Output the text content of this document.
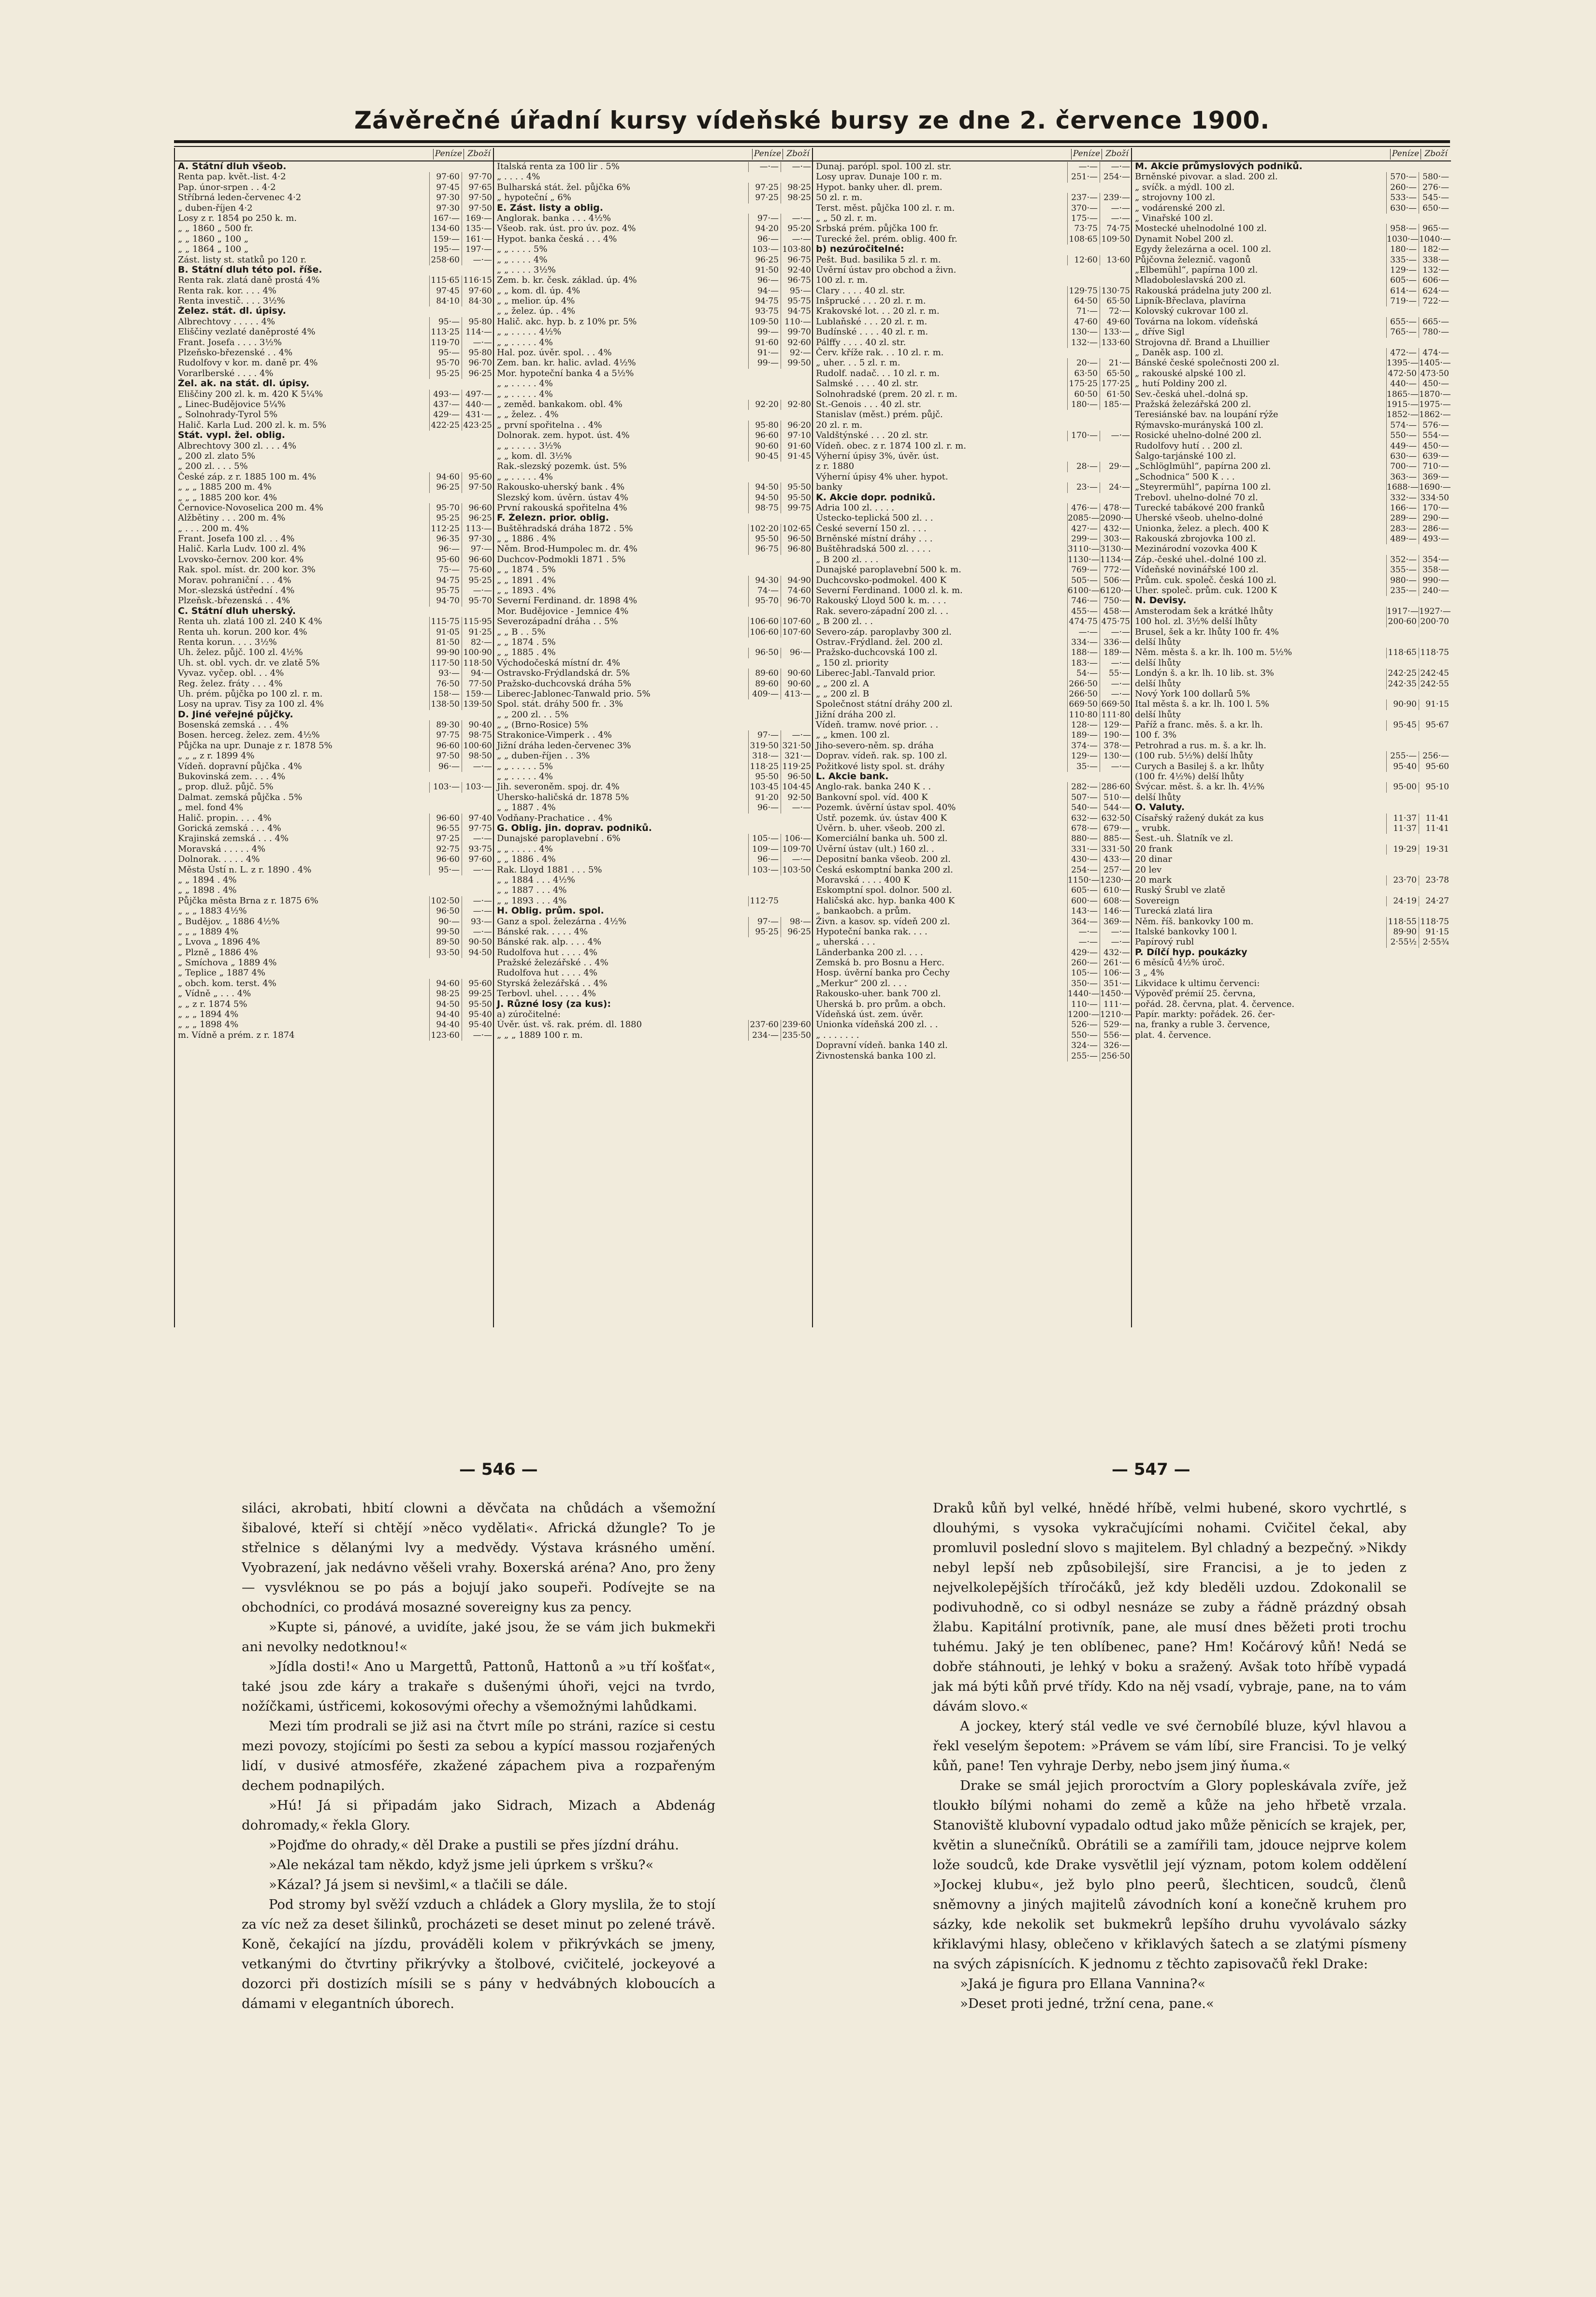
Závěrečné úřadní kursy vídeňské bursy ze dne 2. července 1900.
Peníze Zboží
A. Státní dluh všeob.
Renta pap. květ.-list. 4·2	97·60	97·70
Pap. únor-srpen . . 4·2	97·45	97·65
Stříbrná leden-červenec 4·2	97·30	97·50
„ duben-říjen 4·2	97·30	97·50
Losy z r. 1854 po 250 k. m.	167·— 169·—
„ „ 1860 „ 500 fr.	134·60 135·—
„ „ 1860 „ 100 „	159·— 161·—
„ „ 1864 „ 100 „	195·— 197·—
Zást. listy st. statků po 120 r.	258·60	—·—
B. Státní dluh této pol. říše.
Renta rak. zlatá daně prostá 4%	115·65 116·15
Renta rak. kor. . . . 4%	97·45	97·60
Renta investič. . . . 3½%	84·10	84·30
Želez. stát. dl. úpisy.
Albrechtovy . . . . . 4%	95·—	95·80
Eliščiny vezlaté daněprosté 4%	113·25 114·—
Frant. Josefa . . . . 3½%	119·70	—·—
Plzeňsko-březenské . . 4%	95·—	95·80
Rudolfovy v kor. m. daně pr. 4%	95·70	96·70
Vorarlberské . . . . 4%	95·25	96·25
Žel. ak. na stát. dl. úpisy.
Eliščiny 200 zl. k. m. 420 K 5¼%	493·— 497·—
„ Linec-Budějovice 5¼%	437·— 440·—
„ Solnohrady-Tyrol 5%	429·— 431·—
Halič. Karla Lud. 200 zl. k. m. 5%	422·25 423·25
Stát. vypl. žel. oblig.
Albrechtovy 300 zl. . . . 4%
„ 200 zl. zlato 5%
„ 200 zl. . . . 5%
České záp. z r. 1885 100 m. 4%	94·60	95·60
„ „ „ 1885 200 m. 4%	96·25	97·50
„ „ „ 1885 200 kor. 4%
Černovice-Novoselica 200 m. 4%	95·70	96·60
Alžbětiny . . . 200 m. 4%	95·25	96·25
„ . . . 200 m. 4%	112·25 113·—
Frant. Josefa 100 zl. . . 4%	96·35	97·30
Halič. Karla Ludv. 100 zl. 4%	96·—	97·—
Lvovsko-černov. 200 kor. 4%	95·60	96·60
Rak. spol. míst. dr. 200 kor. 3%	75·—	75·60
Morav. pohraniční . . . 4%	94·75	95·25
Mor.-slezská ústřední . 4%	95·75	—·—
Plzeňsk.-březenská . . 4%	94·70	95·70
C. Státní dluh uherský.
Renta uh. zlatá 100 zl. 240 K 4%	115·75 115·95
Renta uh. korun. 200 kor. 4%	91·05	91·25
Renta korun. . . . 3½%	81·50	82·—
Uh. želez. půjč. 100 zl. 4½%	99·90 100·90
Uh. st. obl. vych. dr. ve zlatě 5%	117·50 118·50
Vyvaz. vyčep. obl. . . 4%	93·—	94·—
Reg. želez. fráty . . . 4%	76·50	77·50
Uh. prém. půjčka po 100 zl. r. m.	158·— 159·—
Losy na uprav. Tisy za 100 zl. 4%	138·50 139·50
D. Jiné veřejné půjčky.
Bosenská zemská . . . 4%	89·30	90·40
Bosen. herceg. želez. zem. 4½%	97·75	98·75
Půjčka na upr. Dunaje z r. 1878 5%	96·60 100·60
„ „ „ z r. 1899 4%	97·50	98·50
Vídeň. dopravní půjčka . 4%	96·—	—·—
Bukovinská zem. . . . 4%
„ prop. dluž. půjč. 5%	103·— 103·—
Dalmat. zemská půjčka . 5%
„ mel. fond 4%
Halič. propin. . . . 4%	96·60	97·40
Gorická zemská . . . 4%	96·55	97·75
Krajinská zemská . . . 4%	97·25	—·—
Moravská . . . . . 4%	92·75	93·75
Dolnorak. . . . . 4%	96·60	97·60
Města Ústí n. L. z r. 1890 . 4%	95·—	—·—
„ „ 1894 . 4%
„ „ 1898 . 4%
Půjčka města Brna z r. 1875 6%	102·50	—·—
„ „ „ 1883 4½%	96·50	—·—
„ Budějov. „ 1886 4½%	90·—	93·—
„ „ „ 1889 4%	99·50	—·—
„ Lvova „ 1896 4%	89·50	90·50
„ Plzně „ 1886 4%	93·50	94·50
„ Smíchova „ 1889 4%
„ Teplice „ 1887 4%
„ obch. kom. terst. 4%	94·60	95·60
„ Vídně „ . . . 4%	98·25	99·25
„ „ z r. 1874 5%	94·50	95·50
„ „ „ 1894 4%	94·40	95·40
„ „ „ 1898 4%	94·40	95·40
m. Vídně a prém. z r. 1874	123·60	—·—
Peníze Zboží
Italská renta za 100 lir . 5%	—·—	—·—
„ . . . . 4%
Bulharská stát. žel. půjčka 6%	97·25	98·25
„ hypoteční „ 6%	97·25	98·25
E. Zást. listy a oblig.
Anglorak. banka . . . 4½%	97·—	—·—
Všeob. rak. úst. pro úv. poz. 4%	94·20	95·20
Hypot. banka česká . . . 4%	96·—	—·—
„ „ . . . . 5%	103·— 103·80
„ „ . . . . 4%	96·25	96·75
„ „ . . . . 3½%	91·50	92·40
Zem. b. kr. česk. základ. úp. 4%	96·—	96·75
„ „ kom. dl. úp. 4%	94·—	95·—
„ „ melior. úp. 4%	94·75	95·75
„ „ želez. úp. . 4%	93·75	94·75
Halič. akc. hyp. b. z 10% pr. 5%	109·50 110·—
„ „ . . . . . 4½%	99·—	99·70
„ „ . . . . . 4%	91·60	92·60
Hal. poz. úvěr. spol. . . 4%	91·—	92·—
Zem. ban. kr. halic. avlad. 4½%	99·—	99·50
Mor. hypoteční banka 4 a 5½%
„ „ . . . . . 4%
„ „ . . . . . 4%
„ zeměd. bankakom. obl. 4%	92·20	92·80
„ „ želez. . 4%
„ první spořitelna . . 4%	95·80	96·20
Dolnorak. zem. hypot. úst. 4%	96·60	97·10
„ „ . . . . . 3½%	90·60	91·60
„ „ kom. dl. 3½%	90·45	91·45
Rak.-slezský pozemk. úst. 5%
„ „ . . . . . 4%
Rakousko-uherský bank . 4%	94·50	95·50
Slezský kom. úvěrn. ústav 4%	94·50	95·50
První rakouská spořitelna 4%	98·75	99·75
F. Železn. prior. oblig.
Buštěhradská dráha 1872 . 5%	102·20 102·65
„ „ 1886 . 4%	95·50	96·50
Něm. Brod-Humpolec m. dr. 4%	96·75	96·80
Duchcov-Podmokli 1871 . 5%
„ „ 1874 . 5%
„ „ 1891 . 4%	94·30	94·90
„ „ 1893 . 4%	74·—	74·60
Severní Ferdinand. dr. 1898 4%	95·70	96·70
Mor. Budějovice - Jemnice 4%
Severozápadní dráha . . 5%	106·60 107·60
„ „ B . . 5%	106·60 107·60
„ „ 1874 . 5%
„ „ 1885 . 4%	96·50	96·—
Východočeská místní dr. 4%
Ostravsko-Frýdlandská dr. 5%	89·60	90·60
Pražsko-duchcovská dráha 5%	89·60	90·60
Liberec-Jablonec-Tanwald prio. 5%	409·— 413·—
Spol. stát. dráhy 500 fr. . 3%
„ „ 200 zl. . . 5%
„ „ (Brno-Rosice) 5%
Strakonice-Vimperk . . 4%	97·—	—·—
Jižní dráha leden-červenec 3%	319·50 321·50
„ „ duben-říjen . . 3%	318·— 321·—
„ „ . . . . . 5%	118·25 119·25
„ „ . . . . . 4%	95·50	96·50
Jih. severoněm. spoj. dr. 4%	103·45 104·45
Uhersko-haličská dr. 1878 5%	91·20	92·50
„ „ 1887 . 4%	96·—	—·—
Vodňany-Prachatice . . 4%
G. Oblig. jin. doprav. podniků.
Dunajské paroplavební . 6%	105·— 106·—
„ „ . . . . . 4%	109·— 109·70
„ „ 1886 . 4%	96·—	—·—
Rak. Lloyd 1881 . . . 5%	103·— 103·50
„ „ 1884 . . . 4½%
„ „ 1887 . . . 4%
„ „ 1893 . . . 4%	112·75
H. Oblig. prům. spol.
Ganz a spol. železárna . 4½%	97·—	98·—
Bánské rak. . . . . 4%	95·25	96·25
Bánské rak. alp. . . . 4%
Rudolfova hut . . . . 4%
Pražské železářské . . 4%
Rudolfova hut . . . . 4%
Styrská železářská . . 4%
Terbovl. uhel. . . . . 4%
J. Různé losy (za kus):
a) zúročitelné:
Úvěr. úst. vš. rak. prém. dl. 1880	237·60 239·60
„ „ „ 1889 100 r. m.	234·— 235·50
Peníze Zboží
Dunaj. parópl. spol. 100 zl. str.	—·—	—·—
Losy uprav. Dunaje 100 r. m.	251·— 254·—
Hypot. banky uher. dl. prem.
50 zl. r. m.	237·— 239·—
Terst. měst. půjčka 100 zl. r. m.	370·—	—·—
„ „ 50 zl. r. m.	175·—	—·—
Srbská prém. půjčka 100 fr.	73·75	74·75
Turecké žel. prém. oblig. 400 fr.	108·65 109·50
b) nezúročitelné:
Pešt. Bud. basilika 5 zl. r. m.	12·60	13·60
Úvěrní ústav pro obchod a živn.
100 zl. r. m.
Clary . . . . 40 zl. str.	129·75 130·75
Inšprucké . . . 20 zl. r. m.	64·50	65·50
Krakovské lot. . . 20 zl. r. m.	71·—	72·—
Lublaňské . . . 20 zl. r. m.	47·60	49·60
Budínské . . . . 40 zl. r. m.	130·— 133·—
Pálffy . . . . 40 zl. str.	132·— 133·60
Červ. kříže rak. . . 10 zl. r. m.
„ uher. . . 5 zl. r. m.	20·—	21·—
Rudolf. nadač. . . 10 zl. r. m.	63·50	65·50
Salmské . . . . 40 zl. str.	175·25 177·25
Solnohradské (prem. 20 zl. r. m.	60·50	61·50
St.-Genois . . . 40 zl. str.	180·— 185·—
Stanislav (měst.) prém. půjč.
20 zl. r. m.
Valdštýnské . . . 20 zl. str.	170·—	—·—
Vídeň. obec. z r. 1874 100 zl. r. m.
Výherní úpisy 3%, úvěr. úst.
z r. 1880	28·—	29·—
Výherní úpisy 4% uher. hypot.
banky	23·—	24·—
K. Akcie dopr. podniků.
Adria 100 zl. . . . .	476·— 478·—
Ústecko-teplická 500 zl. . .	2085·— 2090·—
České severní 150 zl. . . .	427·— 432·—
Brněnské místní dráhy . . .	299·— 303·—
Buštěhradská 500 zl. . . . .	3110·— 3130·—
„ B 200 zl. . . .	1130·— 1134·—
Dunajské paroplavební 500 k. m.	769·— 772·—
Duchcovsko-podmokel. 400 K	505·— 506·—
Severní Ferdinand. 1000 zl. k. m.	6100·— 6120·—
Rakouský Lloyd 500 k. m. . . .	746·— 750·—
Rak. severo-západní 200 zl. . .	455·— 458·—
„ B 200 zl. . .	474·75 475·75
Severo-záp. paroplavby 300 zl.	—·—	—·—
Ostrav.-Frýdland. žel. 200 zl.	334·— 336·—
Pražsko-duchcovská 100 zl.	188·— 189·—
„ 150 zl. priority	183·—	—·—
Liberec-Jabl.-Tanvald prior.	54·—	55·—
„ „ 200 zl. A	266·50	—·—
„ „ 200 zl. B	266·50	—·—
Společnost státní dráhy 200 zl.	669·50 669·50
Jižní dráha 200 zl.	110·80 111·80
Vídeň. tramw. nové prior. . .	128·— 129·—
„ „ kmen. 100 zl.	189·— 190·—
Jiho-severo-něm. sp. dráha	374·— 378·—
Doprav. vídeň. rak. sp. 100 zl.	129·— 130·—
Požitkové listy spol. st. dráhy	35·—	—·—
L. Akcie bank.
Anglo-rak. banka 240 K . .	282·— 286·60
Bankovní spol. víd. 400 K	507·— 510·—
Pozemk. úvěrní ústav spol. 40%	540·— 544·—
Ústř. pozemk. úv. ústav 400 K	632·— 632·50
Úvěrn. b. uher. všeob. 200 zl.	678·— 679·—
Komerciální banka uh. 500 zl.	880·— 885·—
Úvěrní ústav (ult.) 160 zl. .	331·— 331·50
Depositní banka všeob. 200 zl.	430·— 433·—
Česká eskomptní banka 200 zl.	254·— 257·—
Moravská . . . . 400 K	1150·— 1230·—
Eskomptní spol. dolnor. 500 zl.	605·— 610·—
Haličská akc. hyp. banka 400 K	600·— 608·—
„ bankaobch. a prům.	143·— 146·—
Živn. a kasov. sp. vídeň 200 zl.	364·— 369·—
Hypoteční banka rak. . . .	—·—	—·—
„ uherská . . .	—·—	—·—
Länderbanka 200 zl. . . .	429·— 432·—
Zemská b. pro Bosnu a Herc.	260·— 261·—
Hosp. úvěrní banka pro Čechy	105·— 106·—
„Merkur“ 200 zl. . . .	350·— 351·—
Rakousko-uher. bank 700 zl.	1440·— 1450·—
Uherská b. pro prům. a obch.	110·— 111·—
Vídeňská úst. zem. úvěr.	1200·— 1210·—
Unionka vídeňská 200 zl. . .	526·— 529·—
„ . . . . . . .	550·— 556·—
Dopravní vídeň. banka 140 zl.	324·— 326·—
Živnostenská banka 100 zl.	255·— 256·50
Peníze Zboží
M. Akcie průmyslových podniků.
Brněnské pivovar. a slad. 200 zl.	570·— 580·—
„ svíčk. a mýdl. 100 zl.	260·— 276·—
„ strojovny 100 zl.	533·— 545·—
„ vodárenské 200 zl.	630·— 650·—
„ Vinařské 100 zl.
Mostecké uhelnodolné 100 zl.	958·— 965·—
Dynamit Nobel 200 zl.	1030·— 1040·—
Egydy železárna a ocel. 100 zl.	180·— 182·—
Půjčovna železnič. vagonů	335·— 338·—
„Elbemühl“, papírna 100 zl.	129·— 132·—
Mladoboleslavská 200 zl.	605·— 606·—
Rakouská prádelna juty 200 zl.	614·— 624·—
Lipník-Břeclava, plavírna	719·— 722·—
Kolovský cukrovar 100 zl.
Továrna na lokom. vídeňská	655·— 665·—
„ dříve Sigl	765·— 780·—
Strojovna dř. Brand a Lhuillier
„ Daněk asp. 100 zl.	472·— 474·—
Bánské české společnosti 200 zl.	1395·— 1405·—
„ rakouské alpské 100 zl.	472·50 473·50
„ hutí Poldiny 200 zl.	440·— 450·—
Sev.-česká uhel.-dolná sp.	1865·— 1870·—
Pražská železářská 200 zl.	1915·— 1975·—
Teresiánské bav. na loupání rýže	1852·— 1862·—
Rýmavsko-murányská 100 zl.	574·— 576·—
Rosické uhelno-dolné 200 zl.	550·— 554·—
Rudolfovy hutí . . 200 zl.	449·— 450·—
Šalgo-tarjánské 100 zl.	630·— 639·—
„Schlöglmühl“, papírna 200 zl.	700·— 710·—
„Schodnica“ 500 K . . .	363·— 369·—
„Steyrermühl“, papírna 100 zl.	1688·— 1690·—
Trebovl. uhelno-dolné 70 zl.	332·— 334·50
Turecké tabákové 200 franků	166·— 170·—
Uherské všeob. uhelno-dolné	289·— 290·—
Unionka, želez. a plech. 400 K	283·— 286·—
Rakouská zbrojovka 100 zl.	489·— 493·—
Mezinárodní vozovka 400 K
Záp.-české uhel.-dolné 100 zl.	352·— 354·—
Vídeňské novinářské 100 zl.	355·— 358·—
Prům. cuk. společ. česká 100 zl.	980·— 990·—
Uher. společ. prům. cuk. 1200 K	235·— 240·—
N. Devisy.
Amsterodam šek a krátké lhůty	1917·— 1927·—
100 hol. zl. 3½% delší lhůty	200·60 200·70
Brusel, šek a kr. lhůty 100 fr. 4%
delší lhůty
Něm. města š. a kr. lh. 100 m. 5½%	118·65 118·75
delší lhůty
Londýn š. a kr. lh. 10 lib. st. 3%	242·25 242·45
delší lhůty	242·35 242·55
Nový York 100 dollarů 5%
Ital města š. a kr. lh. 100 l. 5%	90·90	91·15
delší lhůty
Paříž a franc. měs. š. a kr. lh.	95·45	95·67
100 f. 3%
Petrohrad a rus. m. š. a kr. lh.
(100 rub. 5½%) delší lhůty	255·— 256·—
Curych a Basilej š. a kr. lhůty	95·40	95·60
(100 fr. 4½%) delší lhůty
Švýcar. měst. š. a kr. lh. 4½%	95·00	95·10
delší lhůty
O. Valuty.
Císařský ražený dukát za kus	11·37	11·41
„ vrubk.	11·37	11·41
Šest.-uh. Šlatník ve zl.
20 frank	19·29	19·31
20 dinar
20 lev
20 mark	23·70	23·78
Ruský Šrubl ve zlatě
Sovereign	24·19	24·27
Turecká zlatá lira
Něm. říš. bankovky 100 m.	118·55 118·75
Italské bankovky 100 l.	89·90	91·15
Papírový rubl	2·55½ 2·55¾
P. Dílčí hyp. poukázky
6 měsíců 4½% úroč.
3 „ 4%
Likvidace k ultimu červenci:
Výpověď prémií 25. června,
pořád. 28. června, plat. 4. července.
Papír. markty: pořádek. 26. čer-
na, franky a ruble 3. července,
plat. 4. července.
— 546 —	— 547 —

siláci, akrobati, hbití clowni a děvčata na chůdách a všemožní šibalové, kteří si chtějí »něco vydělati«. Africká džungle? To je střelnice s dělanými lvy a medvědy. Výstava krásného umění. Vyobrazení, jak nedávno věšeli vrahy. Boxerská aréna? Ano, pro ženy — vysvléknou se po pás a bojují jako soupeři. Podívejte se na obchodníci, co prodává mosazné sovereigny kus za pency.

»Kupte si, pánové, a uvidíte, jaké jsou, že se vám jich bukmekři ani nevolky nedotknou!«

»Jídla dosti!« Ano u Margettů, Pattonů, Hattonů a »u tří košťat«, také jsou zde káry a trakaře s dušenými úhoři, vejci na tvrdo, nožíčkami, ústřicemi, kokosovými ořechy a všemožnými lahůdkami.

Mezi tím prodrali se již asi na čtvrt míle po stráni, razíce si cestu mezi povozy, stojícími po šesti za sebou a kypící massou rozjařených lidí, v dusivé atmosféře, zkažené zápachem piva a rozpařeným dechem podnapilých.

»Hú! Já si připadám jako Sidrach, Mizach a Abdenág dohromady,« řekla Glory.

»Pojďme do ohrady,« děl Drake a pustili se přes jízdní dráhu.

»Ale nekázal tam někdo, když jsme jeli úprkem s vršku?«

»Kázal? Já jsem si nevšiml,« a tlačili se dále.

Pod stromy byl svěží vzduch a chládek a Glory myslila, že to stojí za víc než za deset šilinků, procházeti se deset minut po zelené trávě. Koně, čekající na jízdu, prováděli kolem v přikrývkách se jmeny, vetkanými do čtvrtiny přikrývky a štolbové, cvičitelé, jockeyové a dozorci při dostizích mísili se s pány v hedvábných kloboucích a dámami v elegantních úborech.

Draků kůň byl velké, hnědé hříbě, velmi hubené, skoro vychrtlé, s dlouhými, s vysoka vykračujícími nohami. Cvičitel čekal, aby promluvil poslední slovo s majitelem. Byl chladný a bezpečný. »Nikdy nebyl lepší neb způsobilejší, sire Francisi, a je to jeden z nejvelkolepějších tříročáků, jež kdy bleděli uzdou. Zdokonalil se podivuhodně, co si odbyl nesnáze se zuby a řádně prázdný obsah žlabu. Kapitální protivník, pane, ale musí dnes běžeti proti trochu tuhému. Jaký je ten oblíbenec, pane? Hm! Kočárový kůň! Nedá se dobře stáhnouti, je lehký v boku a sražený. Avšak toto hříbě vypadá jak má býti kůň prvé třídy. Kdo na něj vsadí, vybraje, pane, na to vám dávám slovo.«

A jockey, který stál vedle ve své černobílé bluze, kývl hlavou a řekl veselým šepotem: »Právem se vám líbí, sire Francisi. To je velký kůň, pane! Ten vyhraje Derby, nebo jsem jiný ňuma.«

Drake se smál jejich proroctvím a Glory popleskávala zvíře, jež tloukło bílými nohami do země a kůže na jeho hřbetě vrzala. Stanoviště klubovní vypadalo odtud jako může pěnicích se krajek, per, květin a slunečníků. Obrátili se a zamířili tam, jdouce nejprve kolem lože soudců, kde Drake vysvětlil její význam, potom kolem oddělení »Jockej klubu«, jež bylo plno peerů, šlechticen, soudců, členů sněmovny a jiných majitelů závodních koní a konečně kruhem pro sázky, kde nekolik set bukmekrů lepšího druhu vyvolávalo sázky křiklavými hlasy, oblečeno v křiklavých šatech a se zlatými písmeny na svých zápisnících. K jednomu z těchto zapisovačů řekl Drake:

»Jaká je figura pro Ellana Vannina?«

»Deset proti jedné, tržní cena, pane.«
